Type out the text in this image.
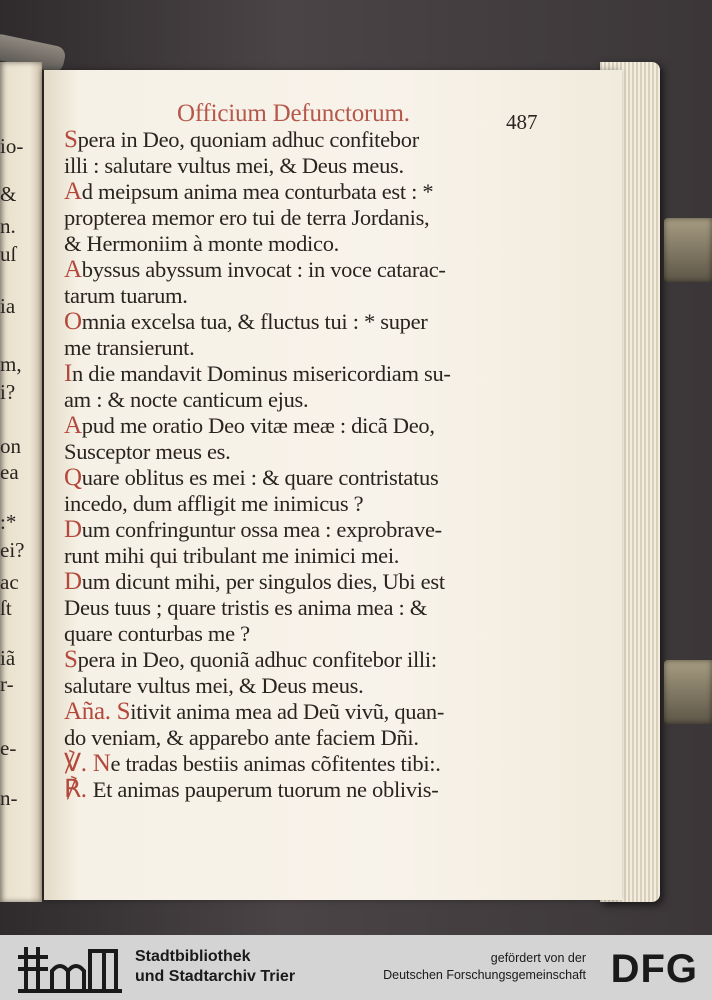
io-
&
n.
uſ
ia
m,
i?
on
ea
:*
ei?
ac
ſt
iã
r-
e-
n-
Officium Defunctorum.	487
Spera in Deo, quoniam adhuc confitebor
illi : salutare vultus mei, & Deus meus.
Ad meipsum anima mea conturbata est : *
propterea memor ero tui de terra Jordanis,
& Hermoniim à monte modico.
Abyssus abyssum invocat : in voce catarac-
tarum tuarum.
Omnia excelsa tua, & fluctus tui : * super
me transierunt.
In die mandavit Dominus misericordiam su-
am : & nocte canticum ejus.
Apud me oratio Deo vitæ meæ : dicã Deo,
Susceptor meus es.
Quare oblitus es mei : & quare contristatus
incedo, dum affligit me inimicus ?
Dum confringuntur ossa mea : exprobrave-
runt mihi qui tribulant me inimici mei.
Dum dicunt mihi, per singulos dies, Ubi est
Deus tuus ; quare tristis es anima mea : &
quare conturbas me ?
Spera in Deo, quoniã adhuc confitebor illi:
salutare vultus mei, & Deus meus.
Aña. Sitivit anima mea ad Deũ vivũ, quan-
do veniam, & apparebo ante faciem Dñi.
℣. Ne tradas bestiis animas cõfitentes tibi:.
℟. Et animas pauperum tuorum ne oblivis-
Stadtbibliothek
und Stadtarchiv Trier
gefördert von der
Deutschen Forschungsgemeinschaft DFG
